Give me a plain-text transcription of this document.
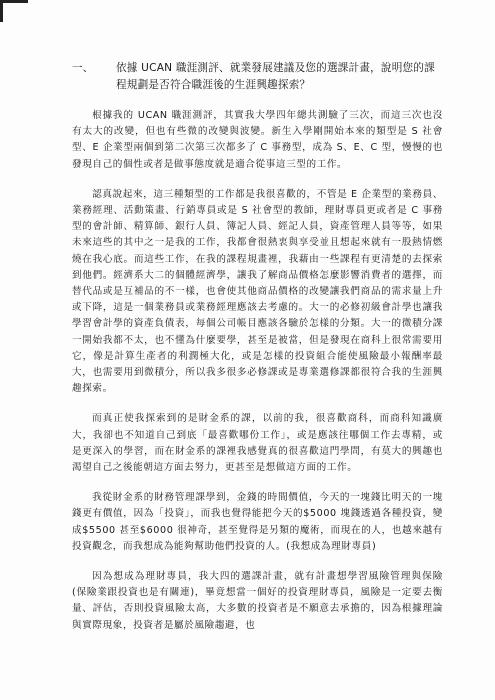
一、	依據 UCAN 職涯測評、就業發展建議及您的選課計畫，說明您的課程規劃是否符合職涯後的生涯興趣探索？

根據我的 UCAN 職涯測評，其實我大學四年總共測驗了三次，而這三次也沒有太大的改變，但也有些微的改變與波變。新生入學剛開始本來的類型是 S 社會型、E 企業型兩個到第二次第三次都多了 C 事務型，成為 S、E、C 型，慢慢的也發現自己的個性或者是做事態度就是適合從事這三型的工作。

認真說起來，這三種類型的工作都是我很喜歡的，不管是 E 企業型的業務員、業務經理、活動策畫、行銷專員或是 S 社會型的教師，理財專員更或者是 C 事務型的會計師、精算師、銀行人員、簿記人員、經記人員，資產管理人員等等，如果未來這些的其中之一是我的工作，我都會很熱衷與享受並且想起來就有一股熱情燃燒在我心底。而這些工作，在我的課程規畫裡，我藉由一些課程有更清楚的去探索到他們。經濟系大二的個體經濟學，讓我了解商品價格怎麼影響消費者的選擇，而替代品或是互補品的不一樣，也會使其他商品價格的改變讓我們商品的需求量上升或下降，這是一個業務員或業務經理應該去考慮的。大一的必修初級會計學也讓我學習會計學的資產負債表，每個公司帳目應該各驗於怎樣的分類。大一的微積分課一開始我都不太，也不懂為什麼要學，甚至是被當，但是發現在商科上很常需要用它，像是計算生產者的利潤極大化，或是怎樣的投資組合能使風險最小報酬率最大，也需要用到微積分，所以我多很多必修課或是專業選修課都很符合我的生涯興趣探索。

而真正使我探索到的是財金系的課，以前的我，很喜歡商科，而商科知識廣大，我卻也不知道自己到底「最喜歡哪份工作」，或是應該往哪個工作去專精，或是更深入的學習，而在財金系的課裡我感覺真的很喜歡這門學問，有莫大的興趣也渴望自己之後能朝這方面去努力，更甚至是想做這方面的工作。

我從財金系的財務管理課學到，金錢的時間價值，今天的一塊錢比明天的一塊錢更有價值，因為「投資」，而我也覺得能把今天的$5000 塊錢透過各種投資，變成$5500 甚至$6000 很神奇，甚至覺得是另類的魔術，而現在的人，也越來越有投資觀念，而我想成為能夠幫助他們投資的人。(我想成為理財專員)

因為想成為理財專員，我大四的選課計畫，就有計畫想學習風險管理與保險(保險業跟投資也是有關連)，畢竟想當一個好的投資理財專員，風險是一定要去衡量、評估，否則投資風險太高，大多數的投資者是不願意去承擔的，因為根據理論與實際現象，投資者是屬於風險趨避，也
